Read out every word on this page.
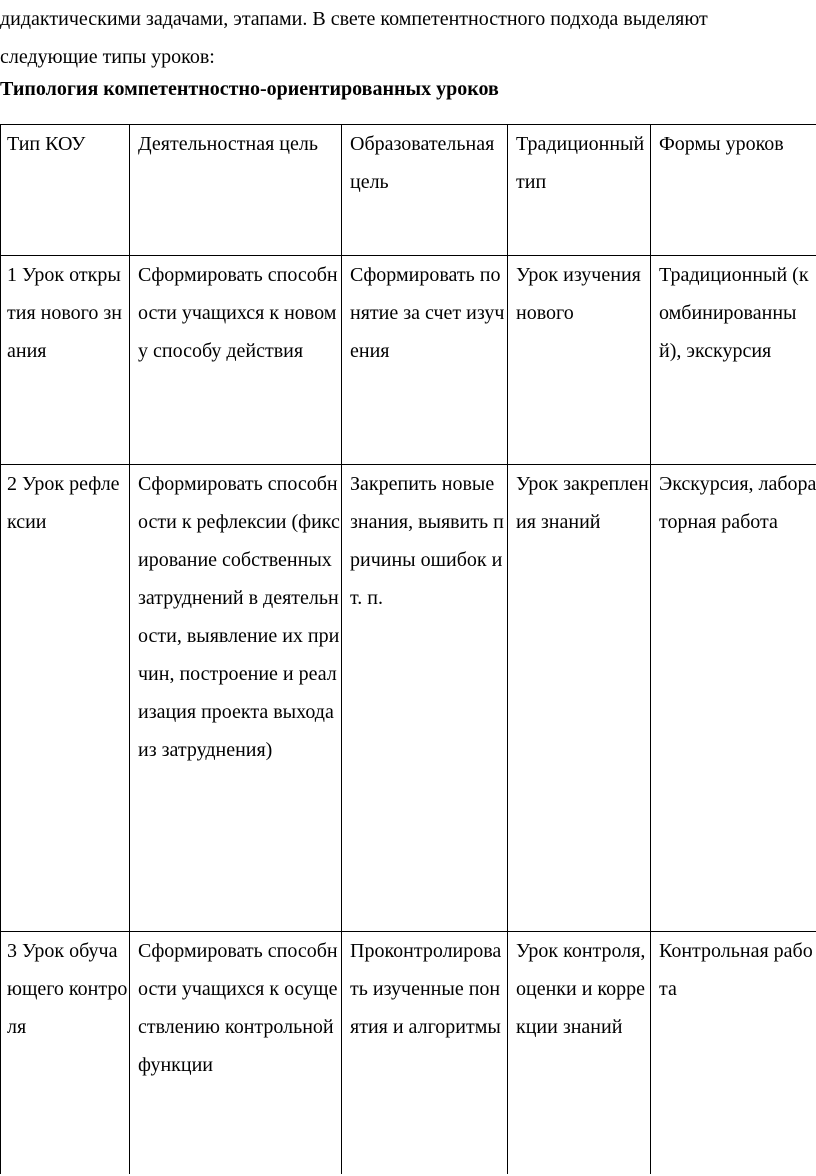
дидактическими задачами, этапами. В свете компетентностного подхода выделяют
следующие типы уроков:

Типология компетентностно-ориентированных уроков

Тип КОУ	Деятельностная цель	Образовательная цель	Традиционный тип	Формы уроков

1 Урок открытия нового знания	Сформировать способности учащихся к новому способу действия	Сформировать понятие за счет изучения	Урок изучения нового	Традиционный (комбинированный), экскурсия

2 Урок рефлексии	Сформировать способности к рефлексии (фиксирование собственных затруднений в деятельности, выявление их причин, построение и реализация проекта выхода из затруднения)	Закрепить новые знания, выявить причины ошибок и т. п.	Урок закрепления знаний	Экскурсия, лабораторная работа

3 Урок обучающего контроля	Сформировать способности учащихся к осуществлению контрольной функции	Проконтролировать изученные понятия и алгоритмы	Урок контроля, оценки и коррекции знаний	Контрольная работа
